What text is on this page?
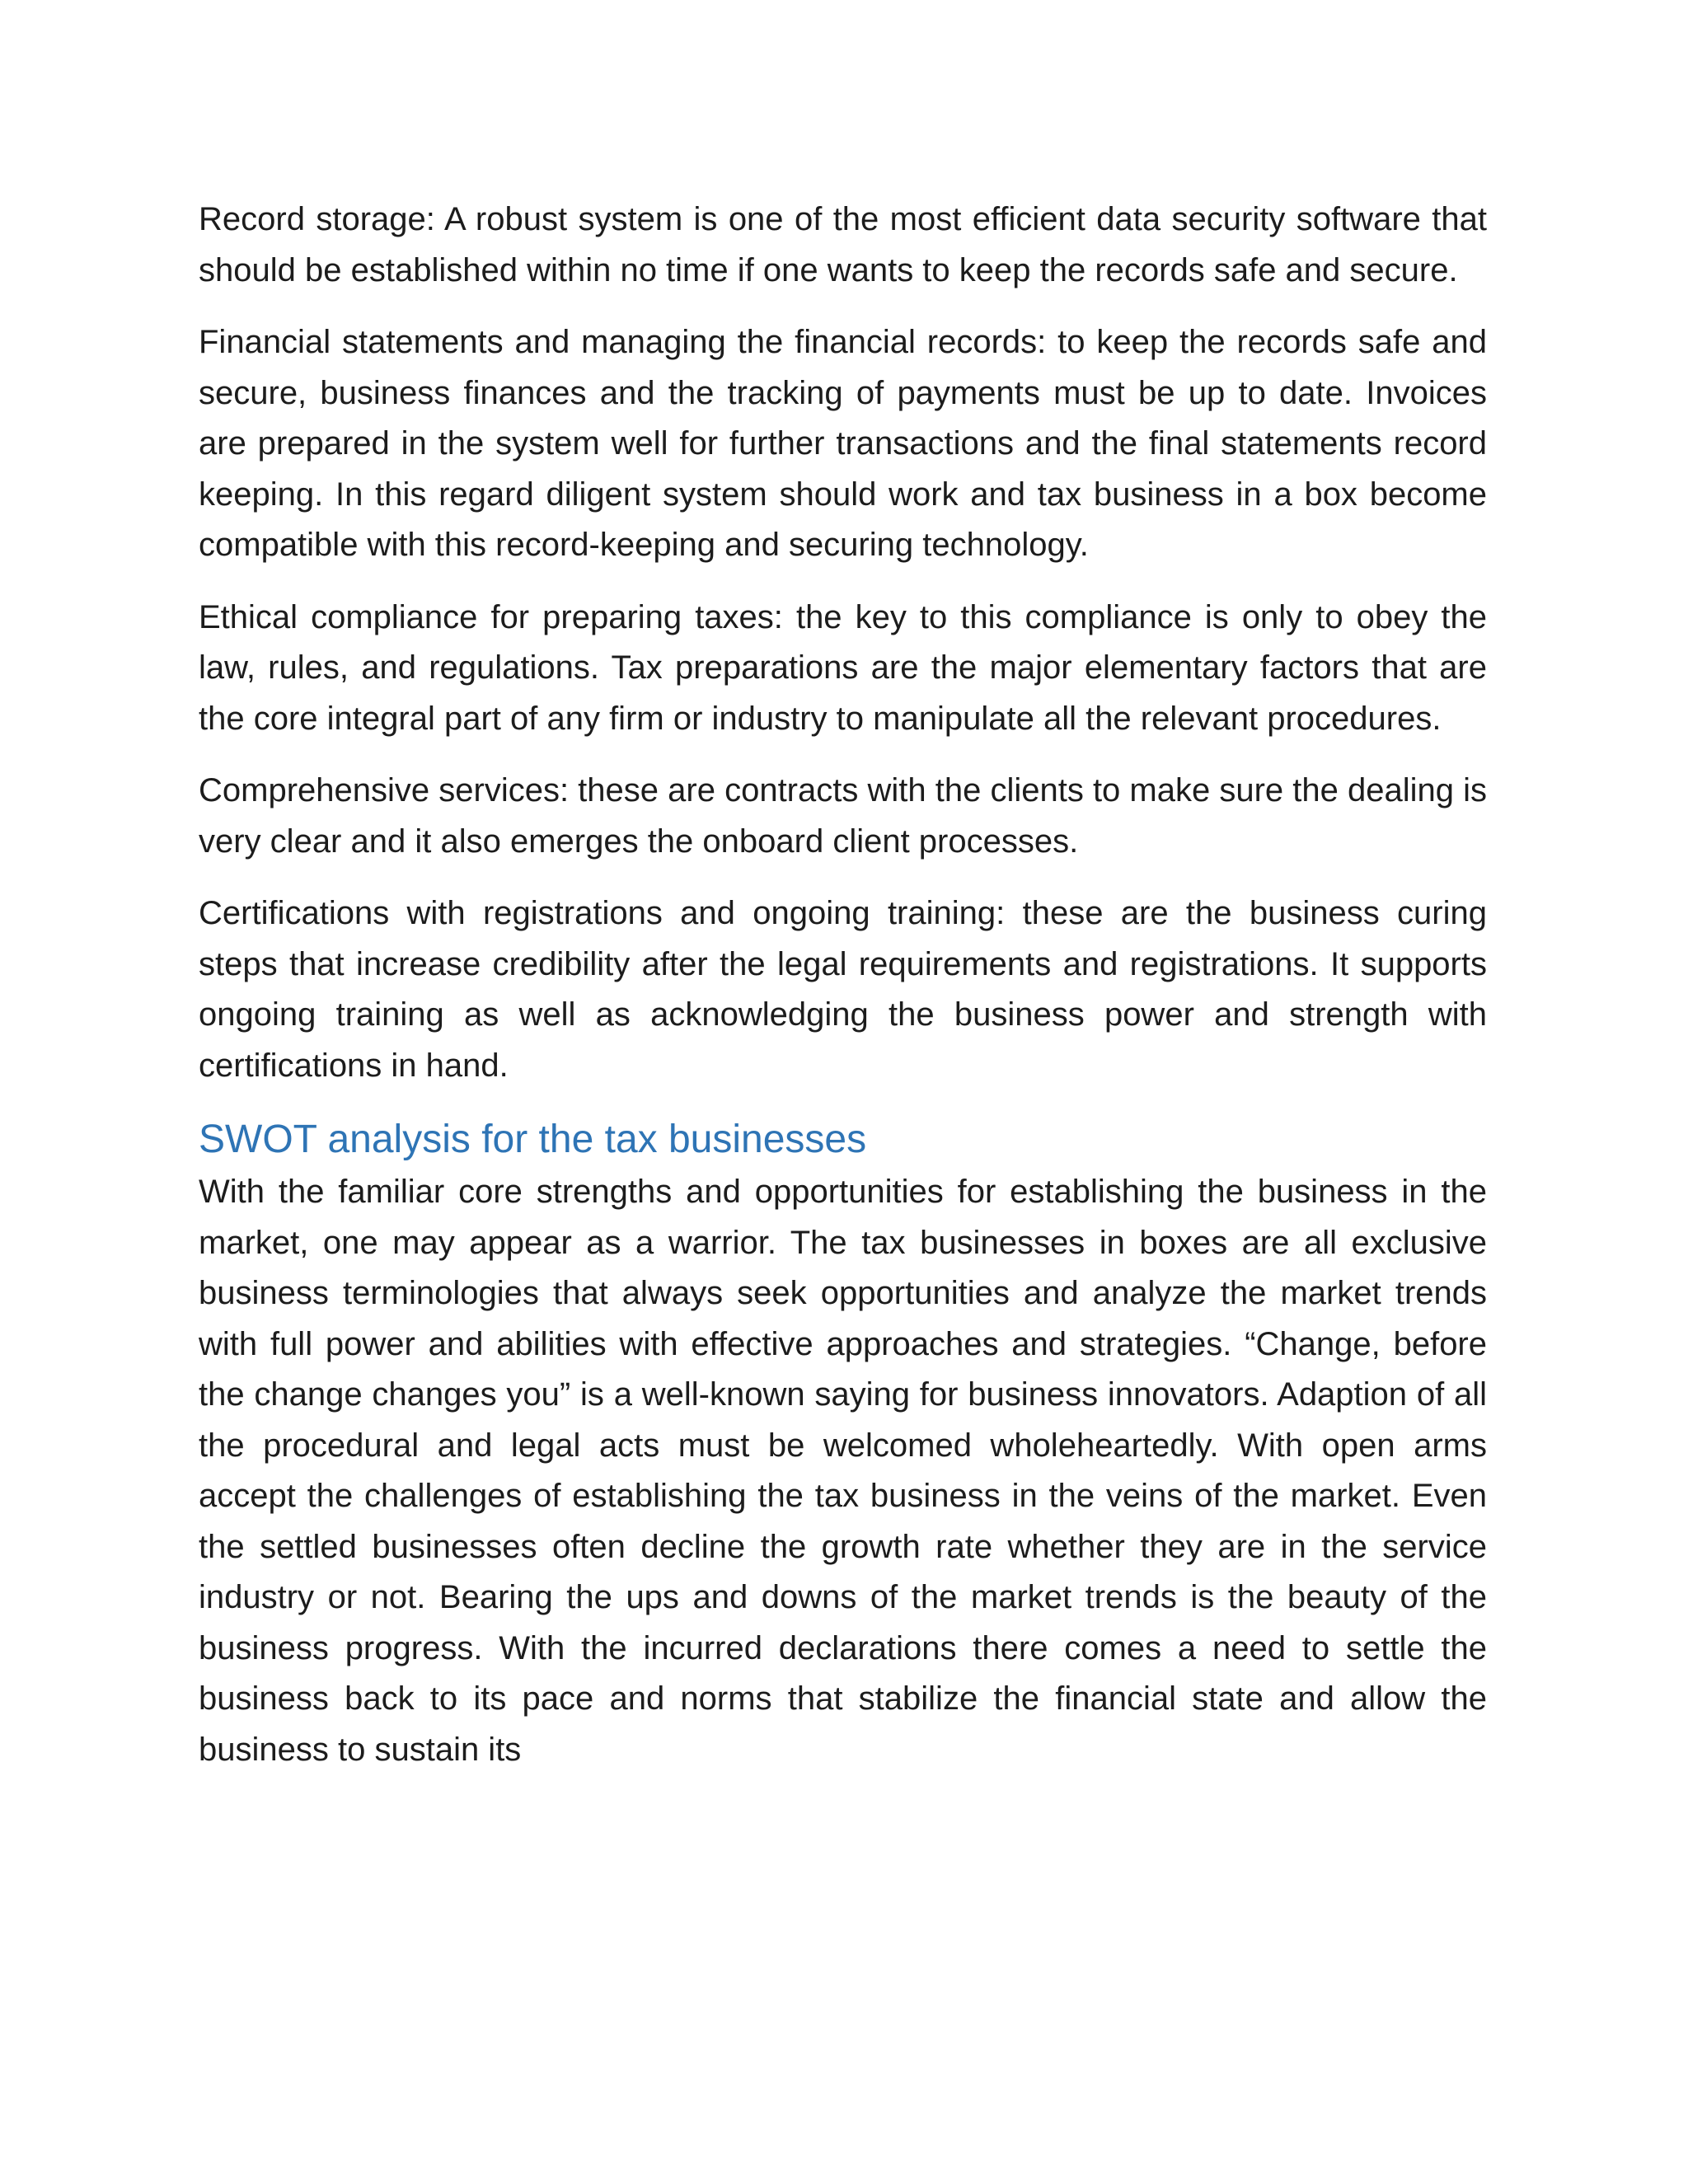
Record storage: A robust system is one of the most efficient data security software that should be established within no time if one wants to keep the records safe and secure.

Financial statements and managing the financial records: to keep the records safe and secure, business finances and the tracking of payments must be up to date. Invoices are prepared in the system well for further transactions and the final statements record keeping. In this regard diligent system should work and tax business in a box become compatible with this record-keeping and securing technology.

Ethical compliance for preparing taxes: the key to this compliance is only to obey the law, rules, and regulations. Tax preparations are the major elementary factors that are the core integral part of any firm or industry to manipulate all the relevant procedures.

Comprehensive services: these are contracts with the clients to make sure the dealing is very clear and it also emerges the onboard client processes.

Certifications with registrations and ongoing training: these are the business curing steps that increase credibility after the legal requirements and registrations. It supports ongoing training as well as acknowledging the business power and strength with certifications in hand.

SWOT analysis for the tax businesses

With the familiar core strengths and opportunities for establishing the business in the market, one may appear as a warrior. The tax businesses in boxes are all exclusive business terminologies that always seek opportunities and analyze the market trends with full power and abilities with effective approaches and strategies. “Change, before the change changes you” is a well-known saying for business innovators. Adaption of all the procedural and legal acts must be welcomed wholeheartedly. With open arms accept the challenges of establishing the tax business in the veins of the market. Even the settled businesses often decline the growth rate whether they are in the service industry or not. Bearing the ups and downs of the market trends is the beauty of the business progress. With the incurred declarations there comes a need to settle the business back to its pace and norms that stabilize the financial state and allow the business to sustain its
